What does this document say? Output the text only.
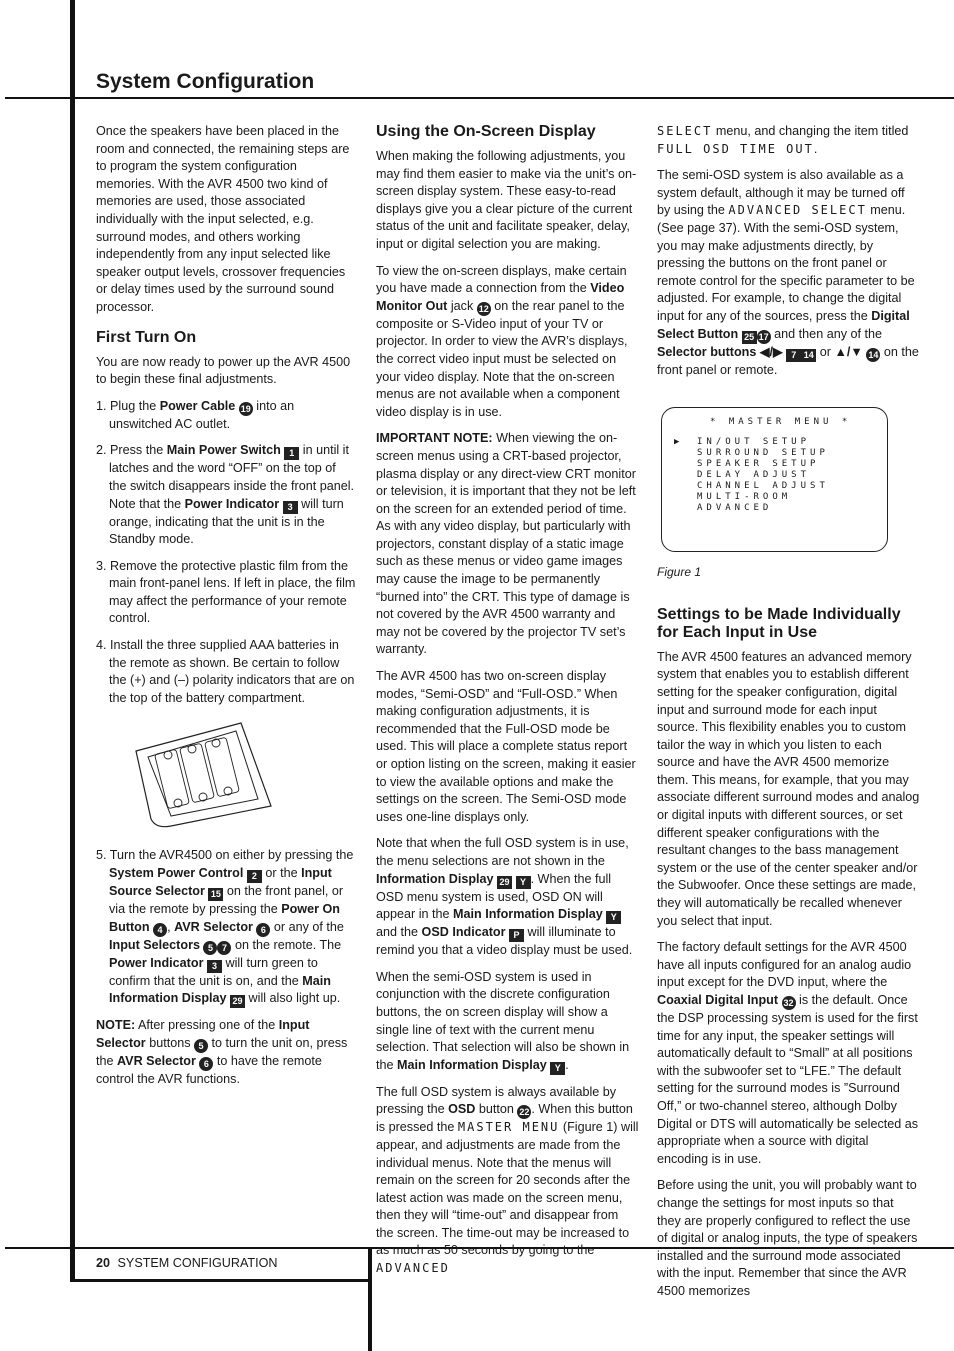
System Configuration

Once the speakers have been placed in the room and connected, the remaining steps are to program the system configuration memories. With the AVR 4500 two kind of memories are used, those associated individually with the input selected, e.g. surround modes, and others working independently from any input selected like speaker output levels, crossover frequencies or delay times used by the surround sound processor.

First Turn On

You are now ready to power up the AVR 4500 to begin these final adjustments.

1. Plug the Power Cable 19 into an unswitched AC outlet.
2. Press the Main Power Switch 1 in until it latches and the word “OFF” on the top of the switch disappears inside the front panel. Note that the Power Indicator 3 will turn orange, indicating that the unit is in the Standby mode.
3. Remove the protective plastic film from the main front-panel lens. If left in place, the film may affect the performance of your remote control.
4. Install the three supplied AAA batteries in the remote as shown. Be certain to follow the (+) and (–) polarity indicators that are on the top of the battery compartment.
5. Turn the AVR4500 on either by pressing the System Power Control 2 or the Input Source Selector 15 on the front panel, or via the remote by pressing the Power On Button 4 , AVR Selector 6 or any of the Input Selectors 5 7 on the remote. The Power Indicator 3 will turn green to confirm that the unit is on, and the Main Information Display 29 will also light up.

NOTE: After pressing one of the Input Selector buttons 5 to turn the unit on, press the AVR Selector 6 to have the remote control the AVR functions.

Using the On-Screen Display

When making the following adjustments, you may find them easier to make via the unit’s on-screen display system. These easy-to-read displays give you a clear picture of the current status of the unit and facilitate speaker, delay, input or digital selection you are making.

To view the on-screen displays, make certain you have made a connection from the Video Monitor Out jack 12 on the rear panel to the composite or S-Video input of your TV or projector. In order to view the AVR’s displays, the correct video input must be selected on your video display. Note that the on-screen menus are not available when a component video display is in use.

IMPORTANT NOTE: When viewing the on-screen menus using a CRT-based projector, plasma display or any direct-view CRT monitor or television, it is important that they not be left on the screen for an extended period of time. As with any video display, but particularly with projectors, constant display of a static image such as these menus or video game images may cause the image to be permanently “burned into” the CRT. This type of damage is not covered by the AVR 4500 warranty and may not be covered by the projector TV set’s warranty.

The AVR 4500 has two on-screen display modes, “Semi-OSD” and “Full-OSD.” When making configuration adjustments, it is recommended that the Full-OSD mode be used. This will place a complete status report or option listing on the screen, making it easier to view the available options and make the settings on the screen. The Semi-OSD mode uses one-line displays only.

Note that when the full OSD system is in use, the menu selections are not shown in the Information Display 29 Y . When the full OSD menu system is used, OSD ON will appear in the Main Information Display Y and the OSD Indicator P will illuminate to remind you that a video display must be used.

When the semi-OSD system is used in conjunction with the discrete configuration buttons, the on screen display will show a single line of text with the current menu selection. That selection will also be shown in the Main Information Display Y .

The full OSD system is always available by pressing the OSD button 22 . When this button is pressed the MASTER MENU (Figure 1) will appear, and adjustments are made from the individual menus. Note that the menus will remain on the screen for 20 seconds after the latest action was made on the screen menu, then they will “time-out” and disappear from the screen. The time-out may be increased to as much as 50 seconds by going to the ADVANCED

SELECT menu, and changing the item titled FULL OSD TIME OUT.

The semi-OSD system is also available as a system default, although it may be turned off by using the ADVANCED SELECT menu. (See page 37). With the semi-OSD system, you may make adjustments directly, by pressing the buttons on the front panel or remote control for the specific parameter to be adjusted. For example, to change the digital input for any of the sources, press the Digital Select Button 25 17 and then any of the Selector buttons ◀/▶ 7 14 or ▲/▼ 14 on the front panel or remote.

* MASTER MENU *
▶ IN/OUT SETUP
SURROUND SETUP
SPEAKER SETUP
DELAY ADJUST
CHANNEL ADJUST
MULTI-ROOM
ADVANCED

Figure 1

Settings to be Made Individually for Each Input in Use

The AVR 4500 features an advanced memory system that enables you to establish different setting for the speaker configuration, digital input and surround mode for each input source. This flexibility enables you to custom tailor the way in which you listen to each source and have the AVR 4500 memorize them. This means, for example, that you may associate different surround modes and analog or digital inputs with different sources, or set different speaker configurations with the resultant changes to the bass management system or the use of the center speaker and/or the Subwoofer. Once these settings are made, they will automatically be recalled whenever you select that input.

The factory default settings for the AVR 4500 have all inputs configured for an analog audio input except for the DVD input, where the Coaxial Digital Input 32 is the default. Once the DSP processing system is used for the first time for any input, the speaker settings will automatically default to “Small” at all positions with the subwoofer set to “LFE.” The default setting for the surround modes is ”Surround Off,” or two-channel stereo, although Dolby Digital or DTS will automatically be selected as appropriate when a source with digital encoding is in use.

Before using the unit, you will probably want to change the settings for most inputs so that they are properly configured to reflect the use of digital or analog inputs, the type of speakers installed and the surround mode associated with the input. Remember that since the AVR 4500 memorizes

20 SYSTEM CONFIGURATION
